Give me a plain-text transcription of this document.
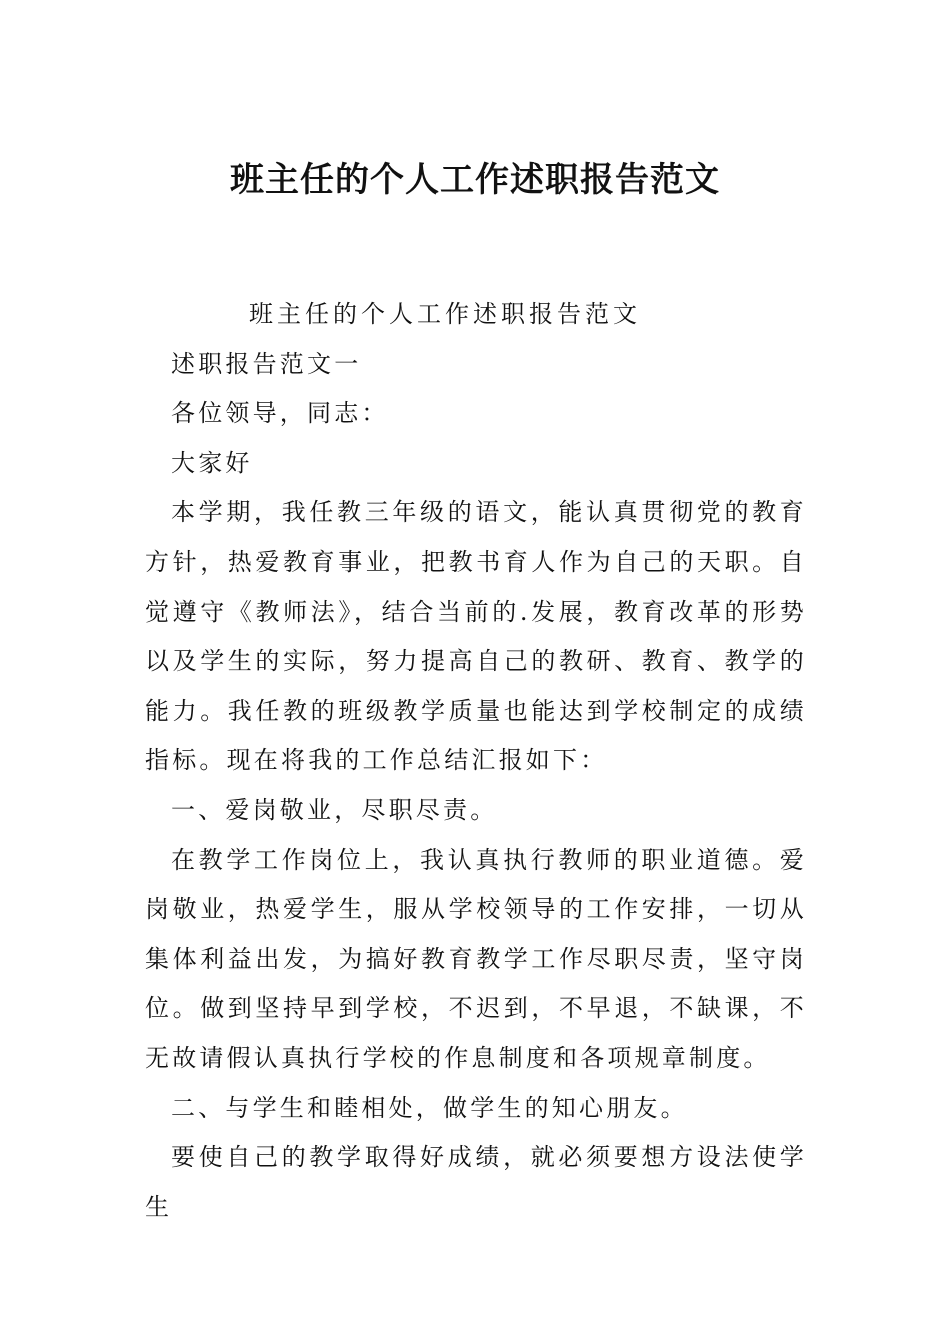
班主任的个人工作述职报告范文

班主任的个人工作述职报告范文

述职报告范文一

各位领导，同志：

大家好

本学期，我任教三年级的语文，能认真贯彻党的教育方针，热爱教育事业，把教书育人作为自己的天职。自觉遵守《教师法》，结合当前的.发展，教育改革的形势以及学生的实际，努力提高自己的教研、教育、教学的能力。我任教的班级教学质量也能达到学校制定的成绩指标。现在将我的工作总结汇报如下：

一、爱岗敬业，尽职尽责。

在教学工作岗位上，我认真执行教师的职业道德。爱岗敬业，热爱学生，服从学校领导的工作安排，一切从集体利益出发，为搞好教育教学工作尽职尽责，坚守岗位。做到坚持早到学校，不迟到，不早退，不缺课，不无故请假认真执行学校的作息制度和各项规章制度。

二、与学生和睦相处，做学生的知心朋友。

要使自己的教学取得好成绩，就必须要想方设法使学生
